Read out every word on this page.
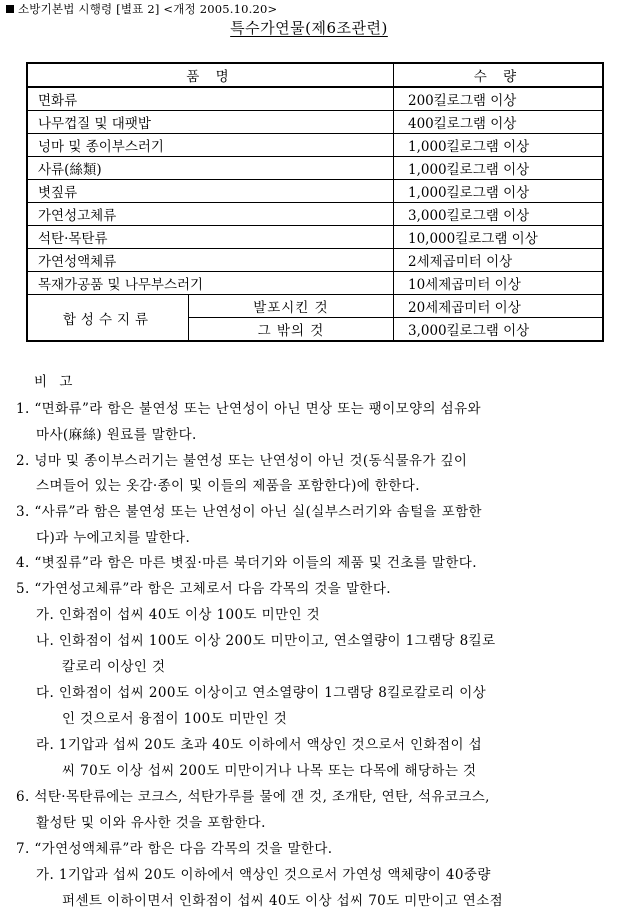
소방기본법 시행령 [별표 2] <개정 2005.10.20>
특수가연물(제6조관련)
품 명		수 량
면화류		200킬로그램 이상
나무껍질 및 대팻밥		400킬로그램 이상
넝마 및 종이부스러기		1,000킬로그램 이상
사류(絲類)		1,000킬로그램 이상
볏짚류		1,000킬로그램 이상
가연성고체류		3,000킬로그램 이상
석탄·목탄류		10,000킬로그램 이상
가연성액체류		2세제곱미터 이상
목재가공품 및 나무부스러기		10세제곱미터 이상
합성수지류	발포시킨 것	20세제곱미터 이상
	그 밖의 것	3,000킬로그램 이상
비 고
1. “면화류”라 함은 불연성 또는 난연성이 아닌 면상 또는 팽이모양의 섬유와
마사(麻絲) 원료를 말한다.
2. 넝마 및 종이부스러기는 불연성 또는 난연성이 아닌 것(동식물유가 깊이
스며들어 있는 옷감·종이 및 이들의 제품을 포함한다)에 한한다.
3. “사류”라 함은 불연성 또는 난연성이 아닌 실(실부스러기와 솜털을 포함한
다)과 누에고치를 말한다.
4. “볏짚류”라 함은 마른 볏짚·마른 북더기와 이들의 제품 및 건초를 말한다.
5. “가연성고체류”라 함은 고체로서 다음 각목의 것을 말한다.
가. 인화점이 섭씨 40도 이상 100도 미만인 것
나. 인화점이 섭씨 100도 이상 200도 미만이고, 연소열량이 1그램당 8킬로
칼로리 이상인 것
다. 인화점이 섭씨 200도 이상이고 연소열량이 1그램당 8킬로칼로리 이상
인 것으로서 융점이 100도 미만인 것
라. 1기압과 섭씨 20도 초과 40도 이하에서 액상인 것으로서 인화점이 섭
씨 70도 이상 섭씨 200도 미만이거나 나목 또는 다목에 해당하는 것
6. 석탄·목탄류에는 코크스, 석탄가루를 물에 갠 것, 조개탄, 연탄, 석유코크스,
활성탄 및 이와 유사한 것을 포함한다.
7. “가연성액체류”라 함은 다음 각목의 것을 말한다.
가. 1기압과 섭씨 20도 이하에서 액상인 것으로서 가연성 액체량이 40중량
퍼센트 이하이면서 인화점이 섭씨 40도 이상 섭씨 70도 미만이고 연소점
